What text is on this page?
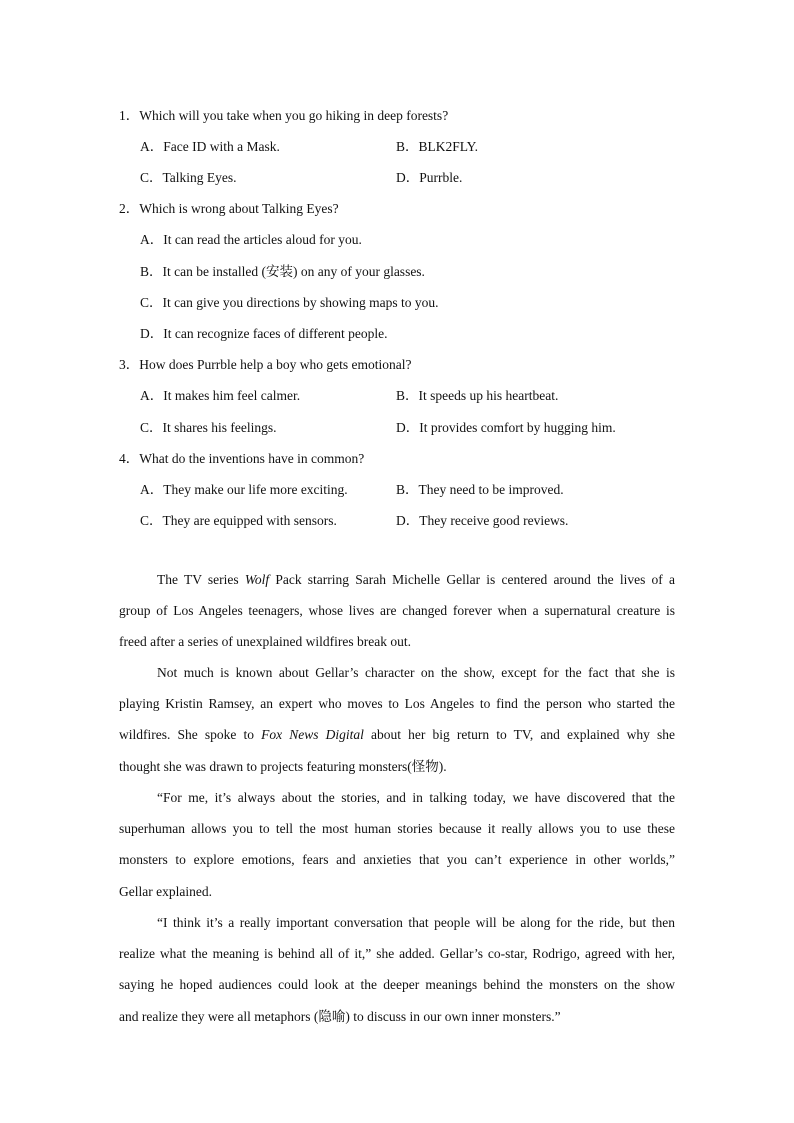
1．Which will you take when you go hiking in deep forests?
A．Face ID with a Mask.	B．BLK2FLY.
C．Talking Eyes.	D．Purrble.
2．Which is wrong about Talking Eyes?
A．It can read the articles aloud for you.
B．It can be installed (安装) on any of your glasses.
C．It can give you directions by showing maps to you.
D．It can recognize faces of different people.
3．How does Purrble help a boy who gets emotional?
A．It makes him feel calmer.	B．It speeds up his heartbeat.
C．It shares his feelings.	D．It provides comfort by hugging him.
4．What do the inventions have in common?
A．They make our life more exciting.	B．They need to be improved.
C．They are equipped with sensors.	D．They receive good reviews.
The TV series Wolf Pack starring Sarah Michelle Gellar is centered around the lives of a
group of Los Angeles teenagers, whose lives are changed forever when a supernatural creature is
freed after a series of unexplained wildfires break out.
Not much is known about Gellar’s character on the show, except for the fact that she is
playing Kristin Ramsey, an expert who moves to Los Angeles to find the person who started the
wildfires. She spoke to Fox News Digital about her big return to TV, and explained why she
thought she was drawn to projects featuring monsters(怪物).
“For me, it’s always about the stories, and in talking today, we have discovered that the
superhuman allows you to tell the most human stories because it really allows you to use these
monsters to explore emotions, fears and anxieties that you can’t experience in other worlds,”
Gellar explained.
“I think it’s a really important conversation that people will be along for the ride, but then
realize what the meaning is behind all of it,” she added. Gellar’s co-star, Rodrigo, agreed with her,
saying he hoped audiences could look at the deeper meanings behind the monsters on the show
and realize they were all metaphors (隐喻) to discuss in our own inner monsters.”
